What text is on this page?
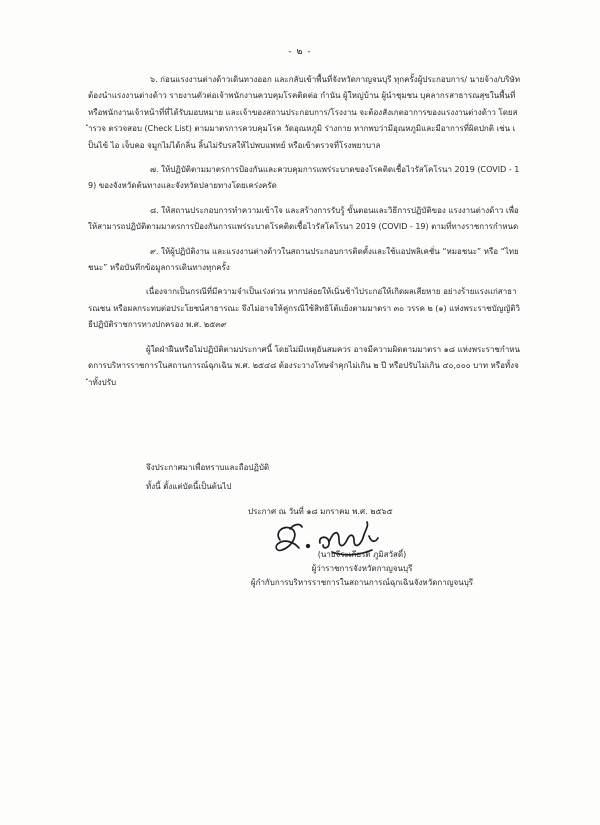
- ๒ -

๖. ก่อนแรงงานต่างด้าวเดินทางออก และกลับเข้าพื้นที่จังหวัดกาญจนบุรี ทุกครั้งผู้ประกอบการ/ นายจ้าง/บริษัท ต้องนำแรงงานต่างด้าว รายงานตัวต่อเจ้าพนักงานควบคุมโรคติดต่อ กำนัน ผู้ใหญ่บ้าน ผู้นำชุมชน บุคลากรสาธารณสุขในพื้นที่ หรือพนักงานเจ้าหน้าที่ที่ได้รับมอบหมาย และเจ้าของสถานประกอบการ/โรงงาน จะต้องสังเกตอาการของแรงงานต่างด้าว โดยสำรวจ ตรวจสอบ (Check List) ตามมาตรการควบคุมโรค วัดอุณหภูมิ ร่างกาย หากพบว่ามีอุณหภูมิและมีอาการที่ผิดปกติ เช่น เป็นไข้ ไอ เจ็บคอ จมูกไม่ได้กลิ่น ลิ้นไม่รับรสให้ไปพบแพทย์ หรือเข้าตรวจที่โรงพยาบาล

๗. ให้ปฏิบัติตามมาตรการป้องกันและควบคุมการแพร่ระบาดของโรคติดเชื้อไวรัสโคโรนา 2019 (COVID - 19) ของจังหวัดต้นทางและจังหวัดปลายทางโดยเคร่งครัด

๘. ให้สถานประกอบการทำความเข้าใจ และสร้างการรับรู้ ขั้นตอนและวิธีการปฏิบัติของ แรงงานต่างด้าว เพื่อให้สามารถปฏิบัติตามมาตรการป้องกันการแพร่ระบาดโรคติดเชื้อไวรัสโคโรนา 2019 (COVID - 19) ตามที่ทางราชการกำหนด

๙. ให้ผู้ปฏิบัติงาน และแรงงานต่างด้าวในสถานประกอบการติดตั้งและใช้แอปพลิเคชั่น “หมอชนะ” หรือ “ไทยชนะ” หรือบันทึกข้อมูลการเดินทางทุกครั้ง

เนื่องจากเป็นกรณีที่มีความจำเป็นเร่งด่วน หากปล่อยให้เนิ่นช้าไประกอ่ให้เกิดผลเสียหาย อย่างร้ายแรงแก่สาธารณชน หรือผลกระทบต่อประโยชน์สาธารณะ จึงไม่อาจให้คู่กรณีใช้สิทธิโต้แย้งตามมาตรา ๓๐ วรรค ๒ (๑) แห่งพระราชบัญญัติวิธีปฏิบัติราชการทางปกครอง พ.ศ. ๒๕๓๙

ผู้ใดฝ่าฝืนหรือไม่ปฏิบัติตามประกาศนี้ โดยไม่มีเหตุอันสมควร อาจมีความผิดตามมาตรา ๑๘ แห่งพระราชกำหนดการบริหารราชการในสถานการณ์ฉุกเฉิน พ.ศ. ๒๕๔๘ ต้องระวางโทษจำคุกไม่เกิน ๒ ปี หรือปรับไม่เกิน ๔๐,๐๐๐ บาท หรือทั้งจำทั้งปรับ

จึงประกาศมาเพื่อทราบและถือปฏิบัติ
ทั้งนี้ ตั้งแต่บัดนี้เป็นต้นไป
ประกาศ ณ วันที่ ๑๘ มกราคม พ.ศ. ๒๕๖๕
(นายจีระเกียรติ ภูมิสวัสดิ์)
ผู้ว่าราชการจังหวัดกาญจนบุรี
ผู้กำกับการบริหารราชการในสถานการณ์ฉุกเฉินจังหวัดกาญจนบุรี
